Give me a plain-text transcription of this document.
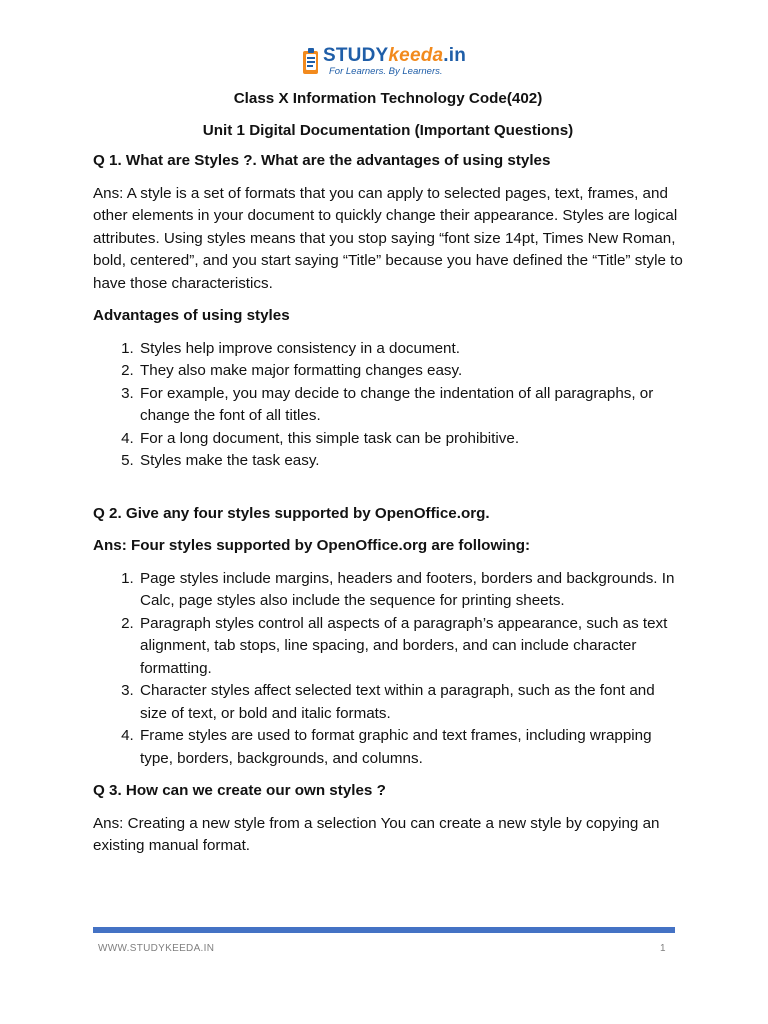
STUDYkeeda.in
For Learners. By Learners.

Class X Information Technology Code(402)

Unit 1 Digital Documentation (Important Questions)

Q 1. What are Styles ?. What are the advantages of using styles

Ans: A style is a set of formats that you can apply to selected pages, text, frames, and other elements in your document to quickly change their appearance. Styles are logical attributes. Using styles means that you stop saying “font size 14pt, Times New Roman, bold, centered”, and you start saying “Title” because you have defined the “Title” style to have those characteristics.

Advantages of using styles

1. Styles help improve consistency in a document.
2. They also make major formatting changes easy.
3. For example, you may decide to change the indentation of all paragraphs, or change the font of all titles.
4. For a long document, this simple task can be prohibitive.
5. Styles make the task easy.

Q 2. Give any four styles supported by OpenOffice.org.

Ans: Four styles supported by OpenOffice.org are following:

1. Page styles include margins, headers and footers, borders and backgrounds. In Calc, page styles also include the sequence for printing sheets.
2. Paragraph styles control all aspects of a paragraph’s appearance, such as text alignment, tab stops, line spacing, and borders, and can include character formatting.
3. Character styles affect selected text within a paragraph, such as the font and size of text, or bold and italic formats.
4. Frame styles are used to format graphic and text frames, including wrapping type, borders, backgrounds, and columns.

Q 3. How can we create our own styles ?

Ans: Creating a new style from a selection You can create a new style by copying an existing manual format.

WWW.STUDYKEEDA.IN	1
